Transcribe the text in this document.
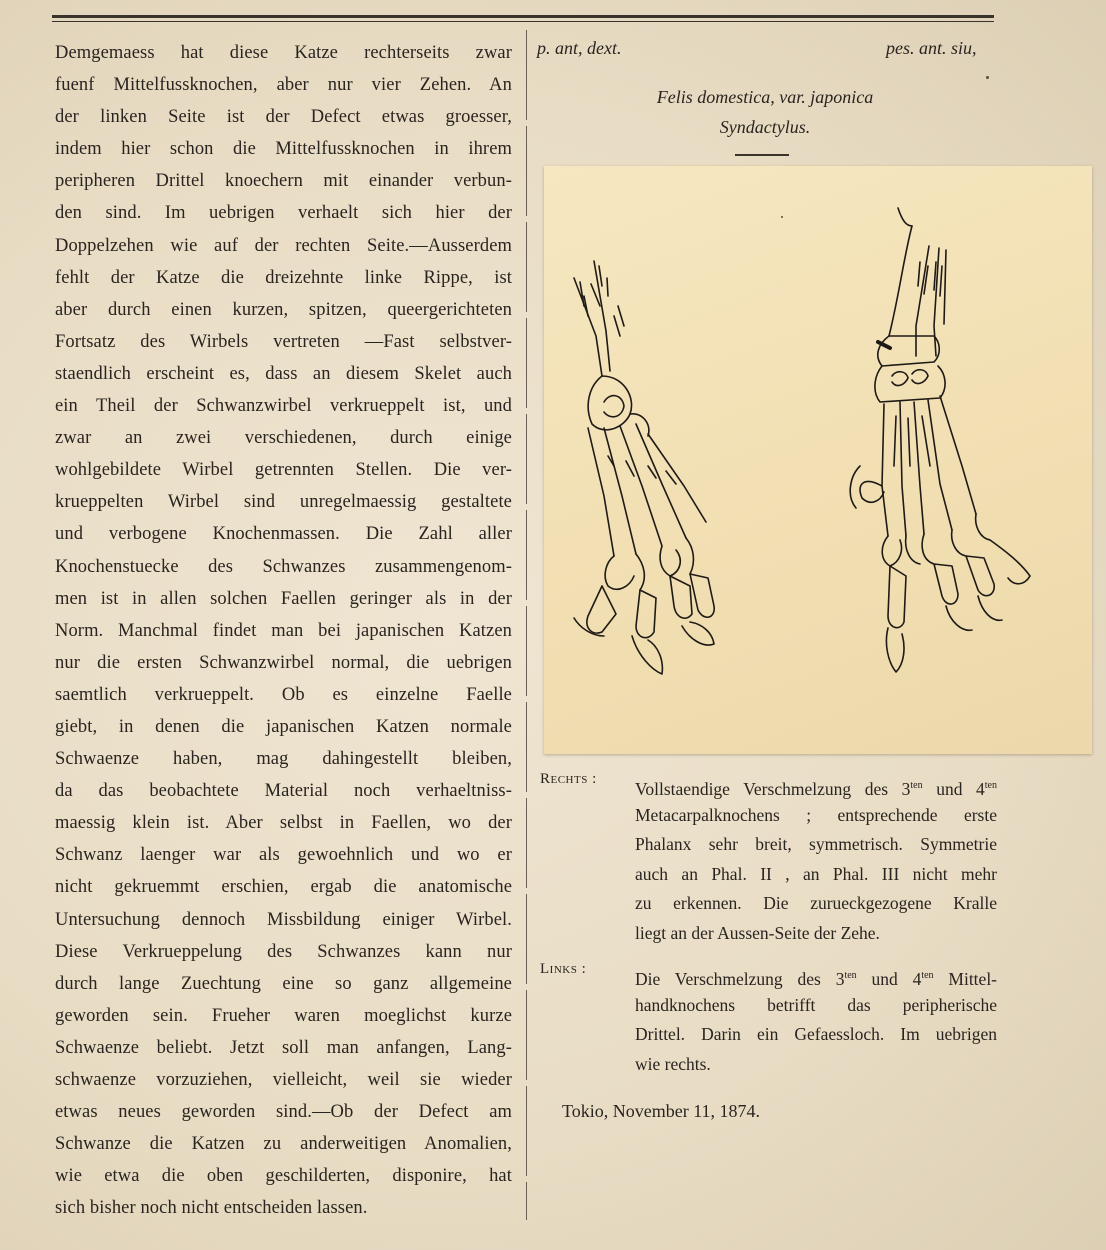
Demgemaess hat diese Katze rechterseits zwar
fuenf Mittelfussknochen, aber nur vier Zehen. An
der linken Seite ist der Defect etwas groesser,
indem hier schon die Mittelfussknochen in ihrem
peripheren Drittel knoechern mit einander verbun-
den sind. Im uebrigen verhaelt sich hier der
Doppelzehen wie auf der rechten Seite.—Ausserdem
fehlt der Katze die dreizehnte linke Rippe, ist
aber durch einen kurzen, spitzen, queergerichteten
Fortsatz des Wirbels vertreten —Fast selbstver-
staendlich erscheint es, dass an diesem Skelet auch
ein Theil der Schwanzwirbel verkrueppelt ist, und
zwar an zwei verschiedenen, durch einige
wohlgebildete Wirbel getrennten Stellen. Die ver-
krueppelten Wirbel sind unregelmaessig gestaltete
und verbogene Knochenmassen. Die Zahl aller
Knochenstuecke des Schwanzes zusammengenom-
men ist in allen solchen Faellen geringer als in der
Norm. Manchmal findet man bei japanischen Katzen
nur die ersten Schwanzwirbel normal, die uebrigen
saemtlich verkrueppelt. Ob es einzelne Faelle
giebt, in denen die japanischen Katzen normale
Schwaenze haben, mag dahingestellt bleiben,
da das beobachtete Material noch verhaeltniss-
maessig klein ist. Aber selbst in Faellen, wo der
Schwanz laenger war als gewoehnlich und wo er
nicht gekruemmt erschien, ergab die anatomische
Untersuchung dennoch Missbildung einiger Wirbel.
Diese Verkrueppelung des Schwanzes kann nur
durch lange Zuechtung eine so ganz allgemeine
geworden sein. Frueher waren moeglichst kurze
Schwaenze beliebt. Jetzt soll man anfangen, Lang-
schwaenze vorzuziehen, vielleicht, weil sie wieder
etwas neues geworden sind.—Ob der Defect am
Schwanze die Katzen zu anderweitigen Anomalien,
wie etwa die oben geschilderten, disponire, hat
sich bisher noch nicht entscheiden lassen.
p. ant, dext.	pes. ant. siu,
Felis domestica, var. japonica
Syndactylus.
Rechts : Vollstaendige Verschmelzung des $3^{ten}$ und $4^{ten}$
Metacarpalknochens ; entsprechende erste
Phalanx sehr breit, symmetrisch. Symmetrie
auch an Phal. II , an Phal. III nicht mehr
zu erkennen. Die zurueckgezogene Kralle
liegt an der Aussen-Seite der Zehe.
Links :	Die Verschmelzung des $3^{ten}$ und $4^{ten}$ Mittel-
handknochens betrifft das peripherische
Drittel. Darin ein Gefaessloch. Im uebrigen
wie rechts.
Tokio, November 11, 1874.
